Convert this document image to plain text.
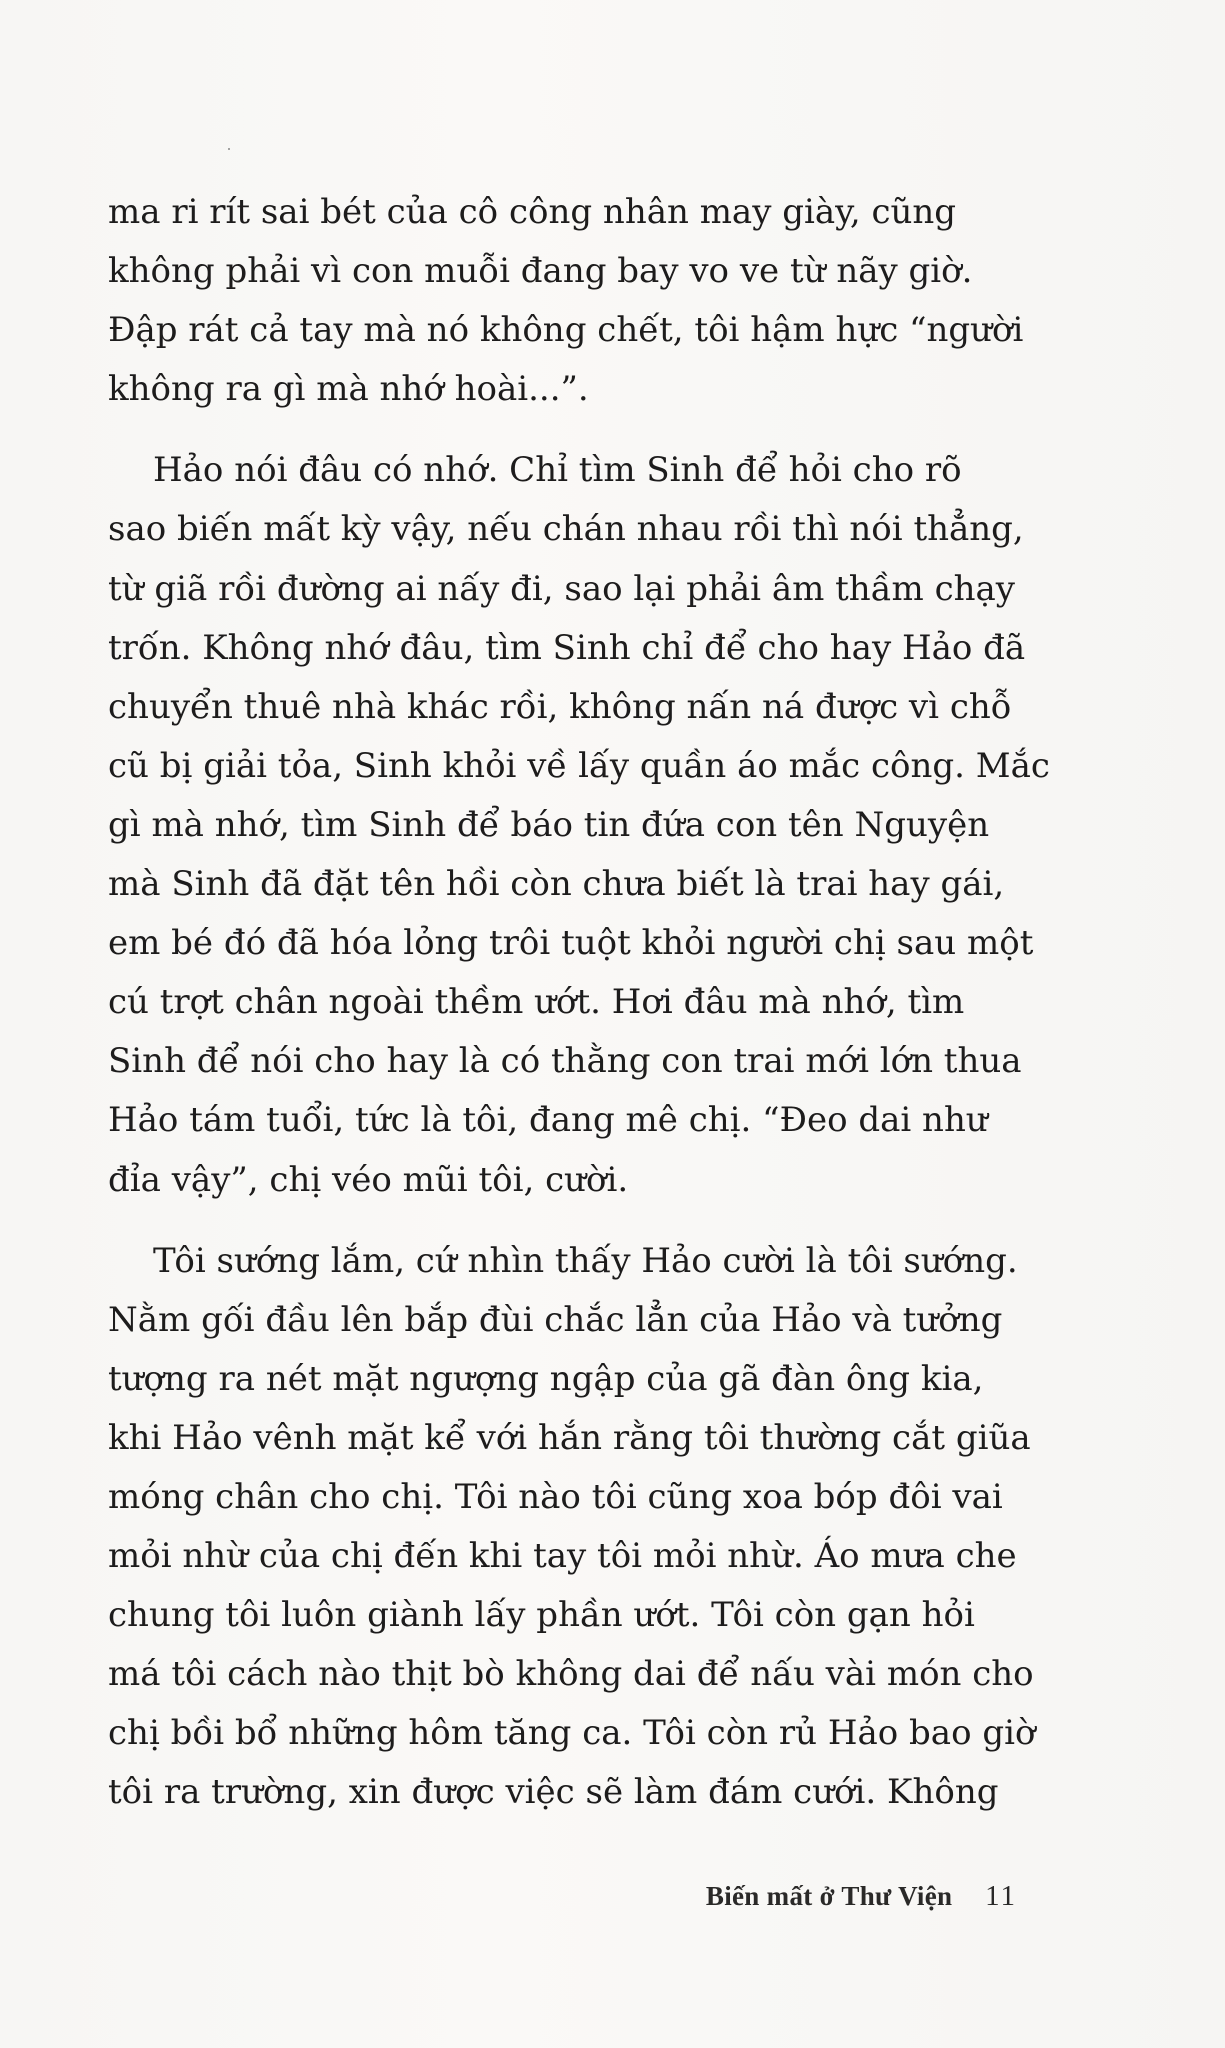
ma ri rít sai bét của cô công nhân may giày, cũng
không phải vì con muỗi đang bay vo ve từ nãy giờ.
Đập rát cả tay mà nó không chết, tôi hậm hực “người
không ra gì mà nhớ hoài...”.
Hảo nói đâu có nhớ. Chỉ tìm Sinh để hỏi cho rõ
sao biến mất kỳ vậy, nếu chán nhau rồi thì nói thẳng,
từ giã rồi đường ai nấy đi, sao lại phải âm thầm chạy
trốn. Không nhớ đâu, tìm Sinh chỉ để cho hay Hảo đã
chuyển thuê nhà khác rồi, không nấn ná được vì chỗ
cũ bị giải tỏa, Sinh khỏi về lấy quần áo mắc công. Mắc
gì mà nhớ, tìm Sinh để báo tin đứa con tên Nguyện
mà Sinh đã đặt tên hồi còn chưa biết là trai hay gái,
em bé đó đã hóa lỏng trôi tuột khỏi người chị sau một
cú trợt chân ngoài thềm ướt. Hơi đâu mà nhớ, tìm
Sinh để nói cho hay là có thằng con trai mới lớn thua
Hảo tám tuổi, tức là tôi, đang mê chị. “Đeo dai như
đỉa vậy”, chị véo mũi tôi, cười.
Tôi sướng lắm, cứ nhìn thấy Hảo cười là tôi sướng.
Nằm gối đầu lên bắp đùi chắc lẳn của Hảo và tưởng
tượng ra nét mặt ngượng ngập của gã đàn ông kia,
khi Hảo vênh mặt kể với hắn rằng tôi thường cắt giũa
móng chân cho chị. Tôi nào tôi cũng xoa bóp đôi vai
mỏi nhừ của chị đến khi tay tôi mỏi nhừ. Áo mưa che
chung tôi luôn giành lấy phần ướt. Tôi còn gạn hỏi
má tôi cách nào thịt bò không dai để nấu vài món cho
chị bồi bổ những hôm tăng ca. Tôi còn rủ Hảo bao giờ
tôi ra trường, xin được việc sẽ làm đám cưới. Không
Biến mất ở Thư Viện 11
